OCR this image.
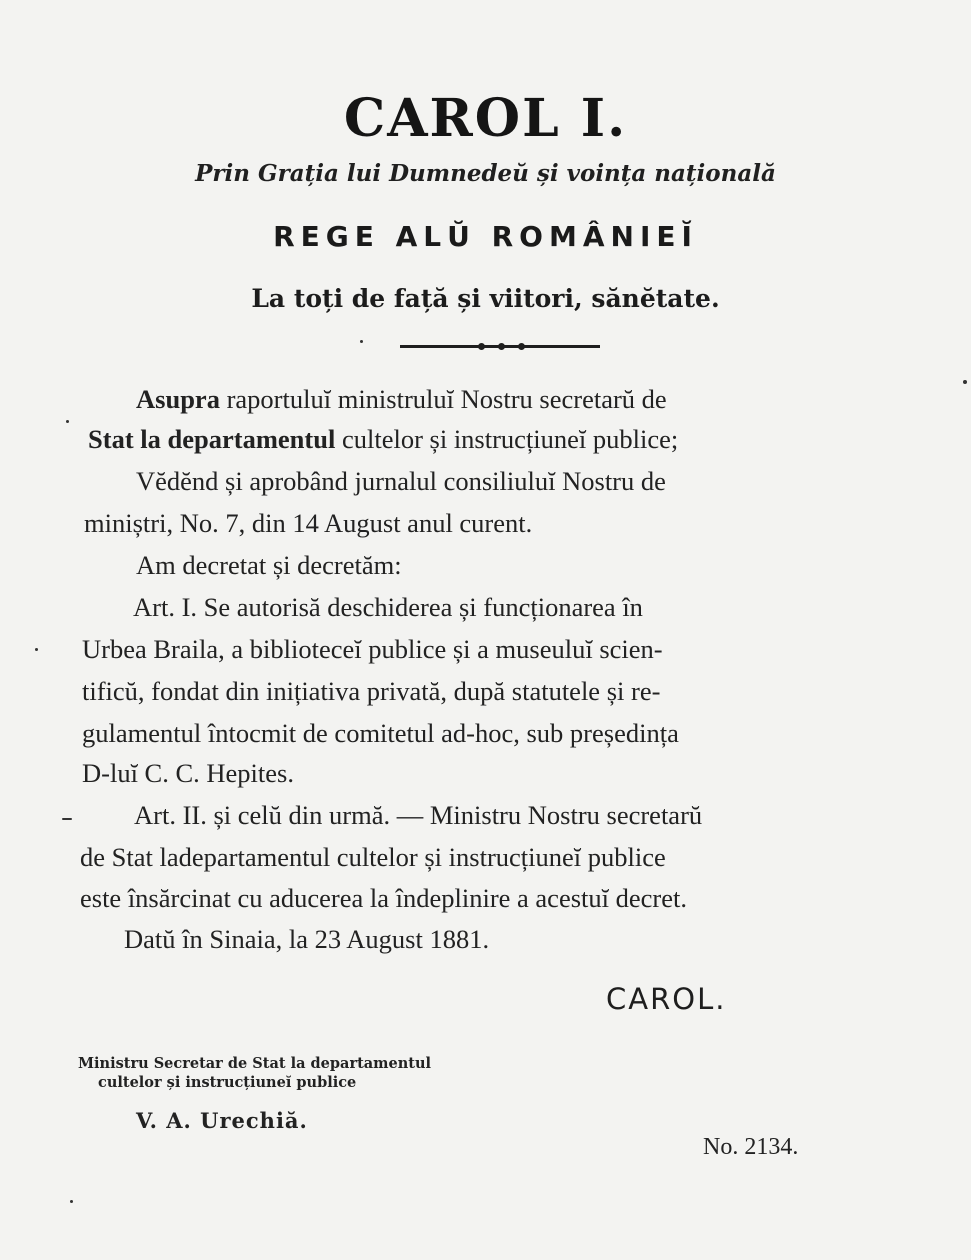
CAROL I.
Prin Grația lui Dumnedeŭ și voința națională
REGE ALŬ ROMÂNIEĬ
La toți de față și viitori, sănĕtate.
Asupra raportuluĭ ministruluĭ Nostru secretarŭ de
Stat la departamentul cultelor și instrucțiuneĭ publice;
Vĕdĕnd și aprobând jurnalul consiliuluĭ Nostru de
miniștri, No. 7, din 14 August anul curent.
Am decretat și decretăm:
Art. I. Se autorisă deschiderea și funcționarea în
Urbea Braila, a biblioteceĭ publice și a museuluĭ scien-
tificŭ, fondat din inițiativa privată, după statutele și re-
gulamentul întocmit de comitetul ad-hoc, sub președința
D-luĭ C. C. Hepites.
Art. II. și celŭ din urmă. — Ministru Nostru secretarŭ
de Stat ladepartamentul cultelor și instrucțiuneĭ publice
este însărcinat cu aducerea la îndeplinire a acestuĭ decret.
Datŭ în Sinaia, la 23 August 1881.
CAROL.
Ministru Secretar de Stat la departamentul
cultelor și instrucțiuneĭ publice
V. A. Urechiă.
No. 2134.
